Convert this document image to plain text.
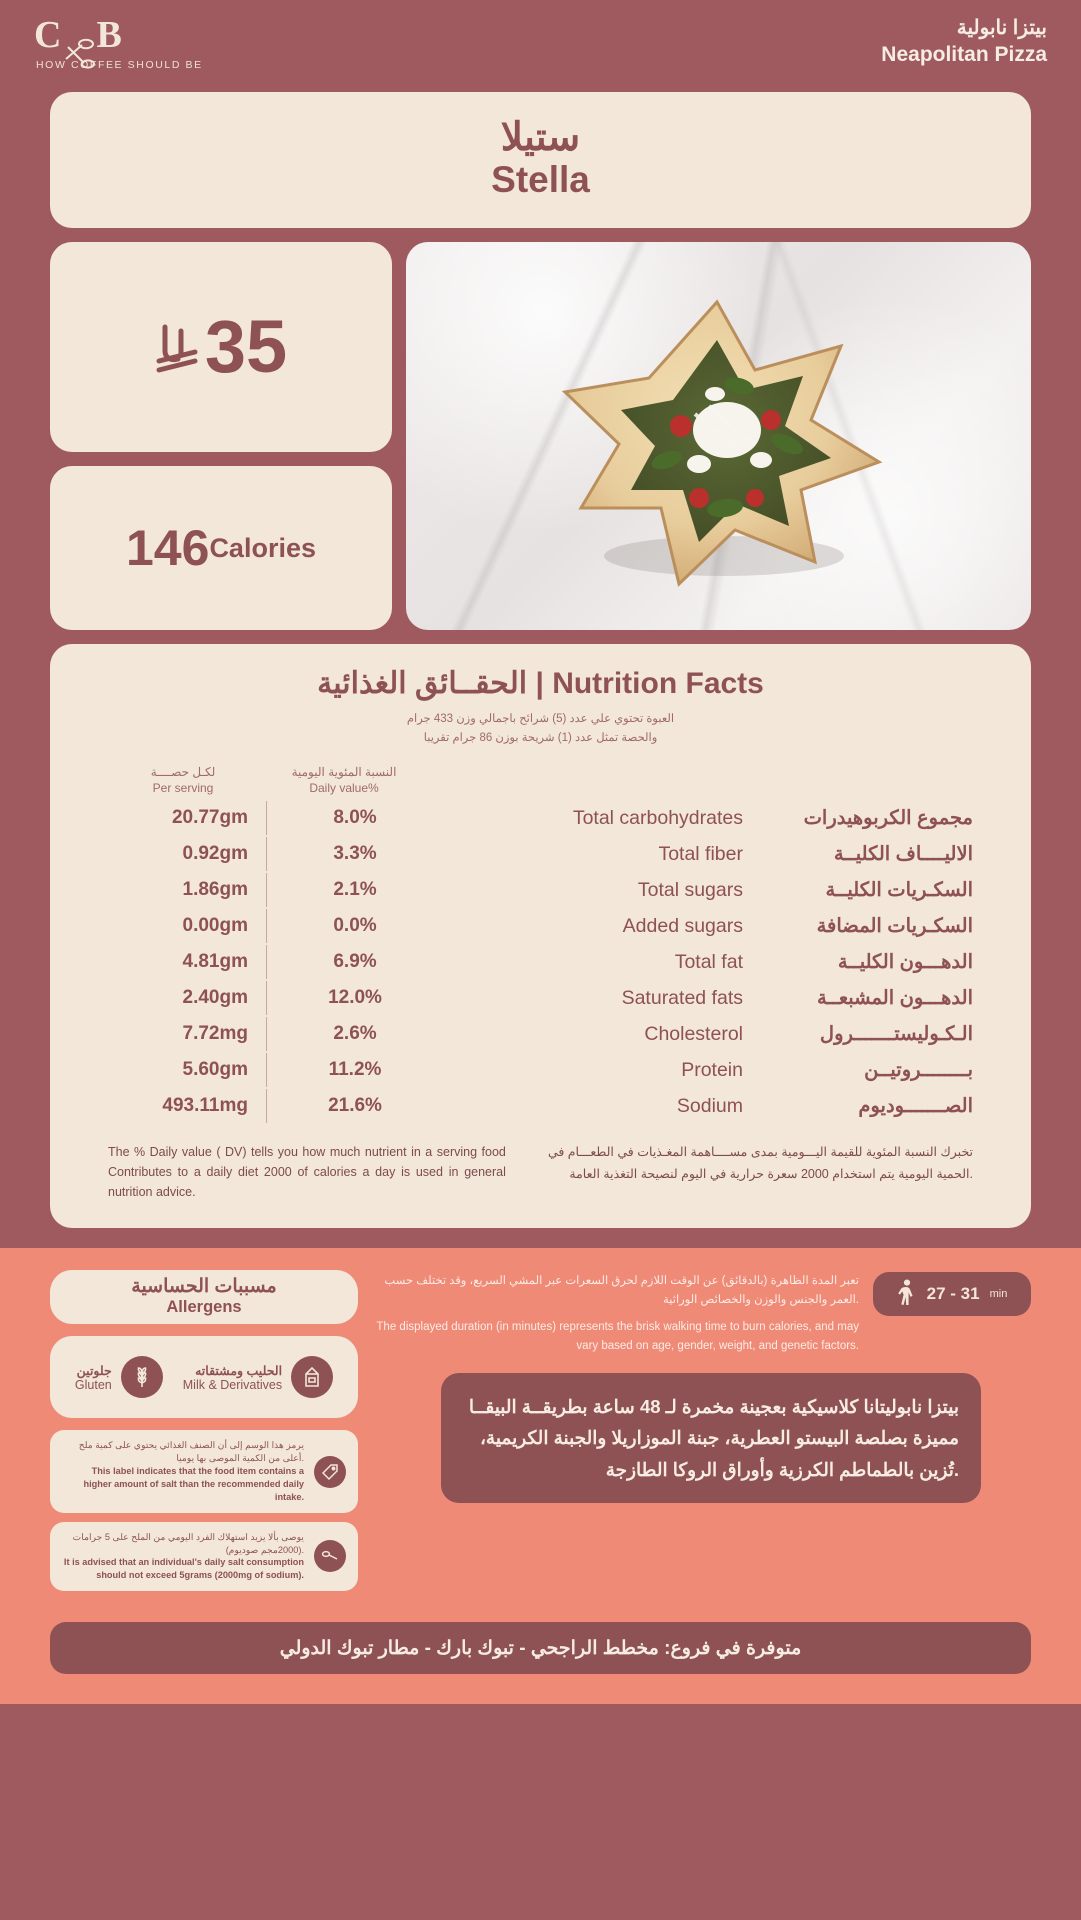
C B
HOW COFFEE SHOULD BE
بيتزا نابولية
Neapolitan Pizza
ستيلا
Stella
35
146 Calories
الحقــائق الغذائية | Nutrition Facts
العبوة تحتوي علي عدد (5) شرائح باجمالي وزن 433 جرام
والحصة تمثل عدد (1) شريحة بوزن 86 جرام تقريبا
لكـل حصــــة
Per serving
النسبة المئوية اليومية
Daily value%
20.77gm	8.0%	Total carbohydrates	مجموع الكربوهيدرات
0.92gm	3.3%	Total fiber	الاليــــاف الكليــة
1.86gm	2.1%	Total sugars	السكـريات الكليــة
0.00gm	0.0%	Added sugars	السكـريات المضافة
4.81gm	6.9%	Total fat	الدهـــون الكليــة
2.40gm	12.0%	Saturated fats	الدهـــون المشبعــة
7.72mg	2.6%	Cholesterol	الـكـوليستـــــــرول
5.60gm	11.2%	Protein	بــــــــروتيــن
493.11mg	21.6%	Sodium	الصـــــــوديوم
The % Daily value ( DV) tells you how much nutrient in a serving food Contributes to a daily diet 2000 of calories a day is used in general nutrition advice.
تخبرك النسبة المئوية للقيمة اليـــومية بمدى مســــاهمة المغـذيات في الطعـــام في الحمية اليومية يتم استخدام 2000 سعرة حرارية في اليوم لنصيحة التغذية العامة.
مسببات الحساسية
Allergens
جلوتين
Gluten
الحليب ومشتقاته
Milk & Derivatives
يرمز هذا الوسم إلى أن الصنف الغذائي يحتوي على كمية ملح أعلى من الكمية الموصى بها يوميا.
This label indicates that the food item contains a higher amount of salt than the recommended daily intake.
يوصى بألا يزيد استهلاك الفرد اليومي من الملح على 5 جرامات (2000مجم صوديوم).
It is advised that an individual's daily salt consumption should not exceed 5grams (2000mg of sodium).
تعبر المدة الظاهرة (بالدقائق) عن الوقت اللازم لحرق السعرات عبر المشي السريع، وقد تختلف حسب العمر والجنس والوزن والخصائص الوراثية.
The displayed duration (in minutes) represents the brisk walking time to burn calories, and may vary based on age, gender, weight, and genetic factors.
27 - 31 min
بيتزا نابوليتانا كلاسيكية بعجينة مخمرة لـ 48 ساعة بطريقــة البيقــا مميزة بصلصة البيستو العطرية، جبنة الموزاريلا والجبنة الكريمية، تُزين بالطماطم الكرزية وأوراق الروكا الطازجة.
متوفرة في فروع: مخطط الراجحي - تبوك بارك - مطار تبوك الدولي
